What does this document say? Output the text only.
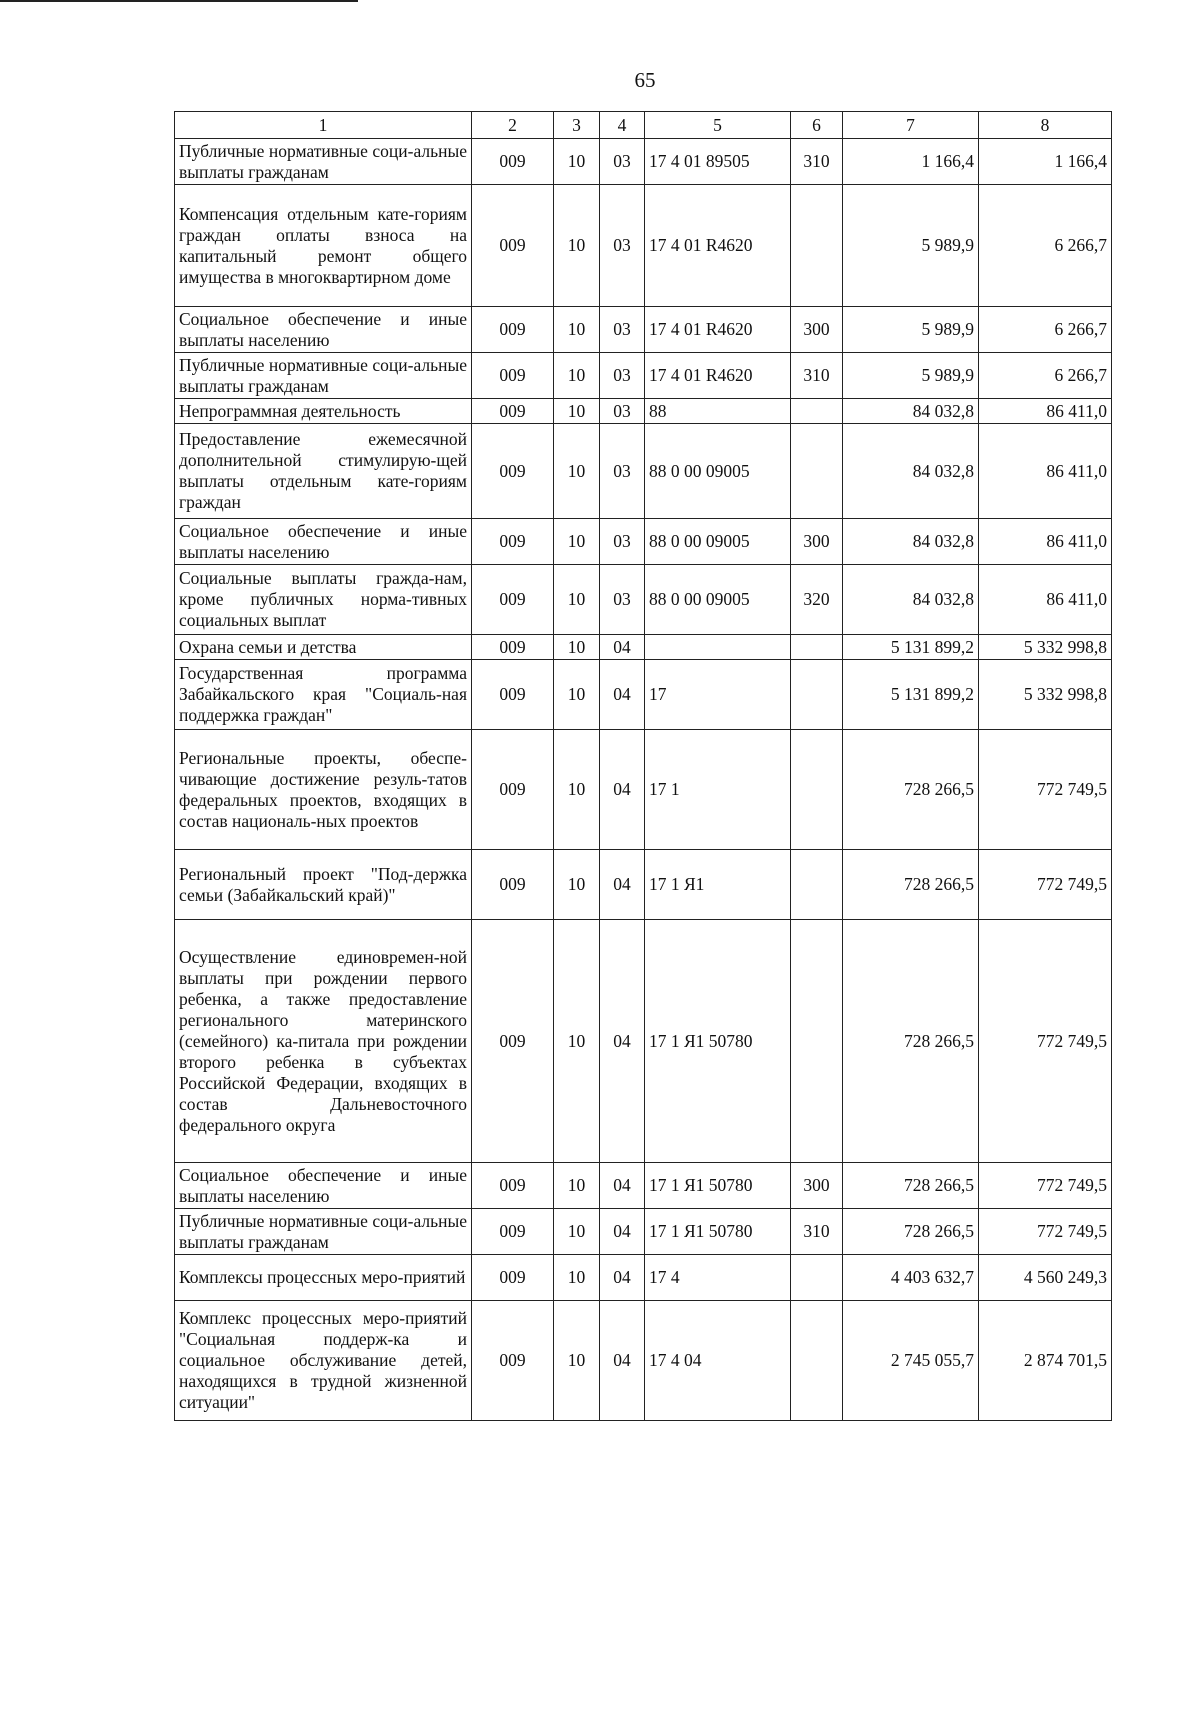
65
1	2	3	4	5	6	7	8
Публичные нормативные соци-альные выплаты гражданам	009	10	03	17 4 01 89505	310	1 166,4	1 166,4
Компенсация отдельным кате-гориям граждан оплаты взноса на капитальный ремонт общего имущества в многоквартирном доме	009	10	03	17 4 01 R4620		5 989,9	6 266,7
Социальное обеспечение и иные выплаты населению	009	10	03	17 4 01 R4620	300	5 989,9	6 266,7
Публичные нормативные соци-альные выплаты гражданам	009	10	03	17 4 01 R4620	310	5 989,9	6 266,7
Непрограммная деятельность	009	10	03	88		84 032,8	86 411,0
Предоставление ежемесячной дополнительной стимулирую-щей выплаты отдельным кате-гориям граждан	009	10	03	88 0 00 09005		84 032,8	86 411,0
Социальное обеспечение и иные выплаты населению	009	10	03	88 0 00 09005	300	84 032,8	86 411,0
Социальные выплаты гражда-нам, кроме публичных норма-тивных социальных выплат	009	10	03	88 0 00 09005	320	84 032,8	86 411,0
Охрана семьи и детства	009	10	04			5 131 899,2	5 332 998,8
Государственная программа Забайкальского края "Социаль-ная поддержка граждан"	009	10	04	17		5 131 899,2	5 332 998,8
Региональные проекты, обеспе-чивающие достижение резуль-татов федеральных проектов, входящих в состав националь-ных проектов	009	10	04	17 1		728 266,5	772 749,5
Региональный проект "Под-держка семьи (Забайкальский край)"	009	10	04	17 1 Я1		728 266,5	772 749,5
Осуществление единовремен-ной выплаты при рождении первого ребенка, а также предоставление регионального материнского (семейного) ка-питала при рождении второго ребенка в субъектах Российской Федерации, входящих в состав Дальневосточного федерального округа	009	10	04	17 1 Я1 50780		728 266,5	772 749,5
Социальное обеспечение и иные выплаты населению	009	10	04	17 1 Я1 50780	300	728 266,5	772 749,5
Публичные нормативные соци-альные выплаты гражданам	009	10	04	17 1 Я1 50780	310	728 266,5	772 749,5
Комплексы процессных меро-приятий	009	10	04	17 4		4 403 632,7	4 560 249,3
Комплекс процессных меро-приятий "Социальная поддерж-ка и социальное обслуживание детей, находящихся в трудной жизненной ситуации"	009	10	04	17 4 04		2 745 055,7	2 874 701,5
